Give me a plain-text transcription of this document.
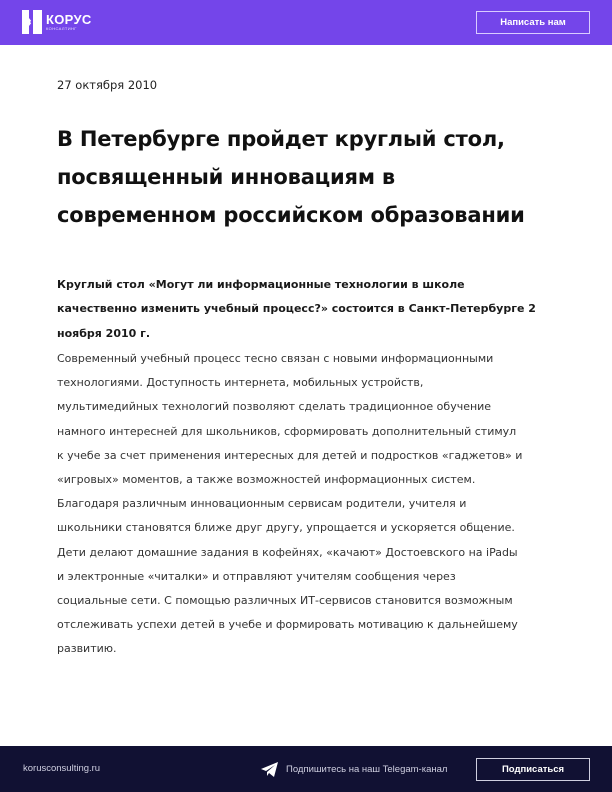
КОРУС
КОНСАЛТИНГ	Написать нам
27 октября 2010
В Петербурге пройдет круглый стол,
посвященный инновациям в
современном российском образовании

Круглый стол «Могут ли информационные технологии в школе
качественно изменить учебный процесс?» состоится в Санкт-Петербурге 2
ноября 2010 г.

Современный учебный процесс тесно связан с новыми информационными
технологиями. Доступность интернета, мобильных устройств,
мультимедийных технологий позволяют сделать традиционное обучение
намного интересней для школьников, сформировать дополнительный стимул
к учебе за счет применения интересных для детей и подростков «гаджетов» и
«игровых» моментов, а также возможностей информационных систем.
Благодаря различным инновационным сервисам родители, учителя и
школьники становятся ближе друг другу, упрощается и ускоряется общение.
Дети делают домашние задания в кофейнях, «качают» Достоевского на iPadы
и электронные «читалки» и отправляют учителям сообщения через
социальные сети. С помощью различных ИТ-сервисов становится возможным
отслеживать успехи детей в учебе и формировать мотивацию к дальнейшему
развитию.

korusconsulting.ru	Подпишитесь на наш Telegam-канал	Подписаться
